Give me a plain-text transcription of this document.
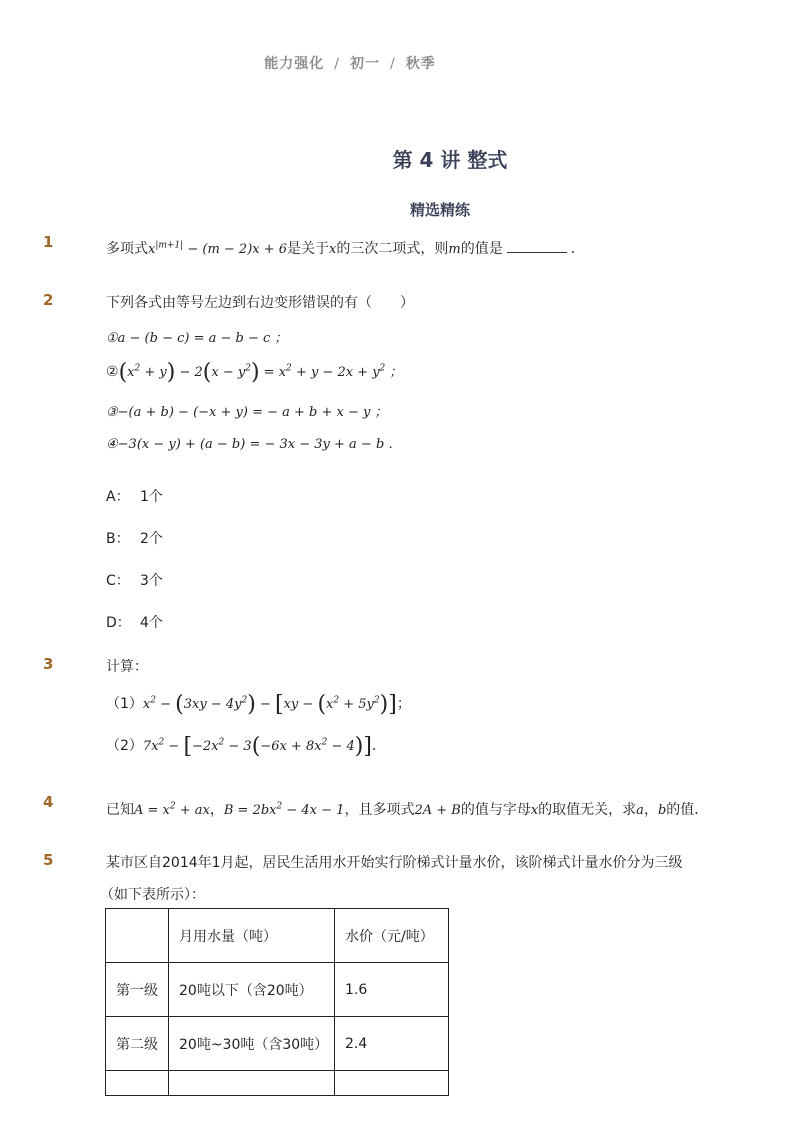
能力强化 / 初一 / 秋季
第 4 讲 整式
精选精练
1	多项式$x^{|m+1|} - (m - 2)x + 6$是关于x的三次二项式，则m的值是	．
2	下列各式由等号左边到右边变形错误的有（　　）
①a − (b − c) = a − b − c ；
$②(x^2 + y) - 2(x - y^2) = x^2 + y - 2x + y^2$ ；
③−(a + b) − (−x + y) = − a + b + x − y ；
④−3(x − y) + (a − b) = − 3x − 3y + a − b ．
A： 1个
B： 2个
C： 3个
D： 4个
3	计算：
$(1)x^2 - (3xy - 4y^2) - [xy - (x^2 + 5y^2)]$；
$(2)7x^2 - [-2x^2 - 3(-6x + 8x^2 - 4)]$．
4	已知$A = x^2$ + ax，$B = 2bx^2 - 4x - 1$，且多项式2A + B的值与字母x的取值无关，求a，b的值．
5	某市区自2014年1月起，居民生活用水开始实行阶梯式计量水价，该阶梯式计量水价分为三级
（如下表所示）：
	月用水量（吨）	水价（元/吨）
第一级	20吨以下（含20吨）	1.6
第二级	20吨~30吨（含30吨）	2.4
